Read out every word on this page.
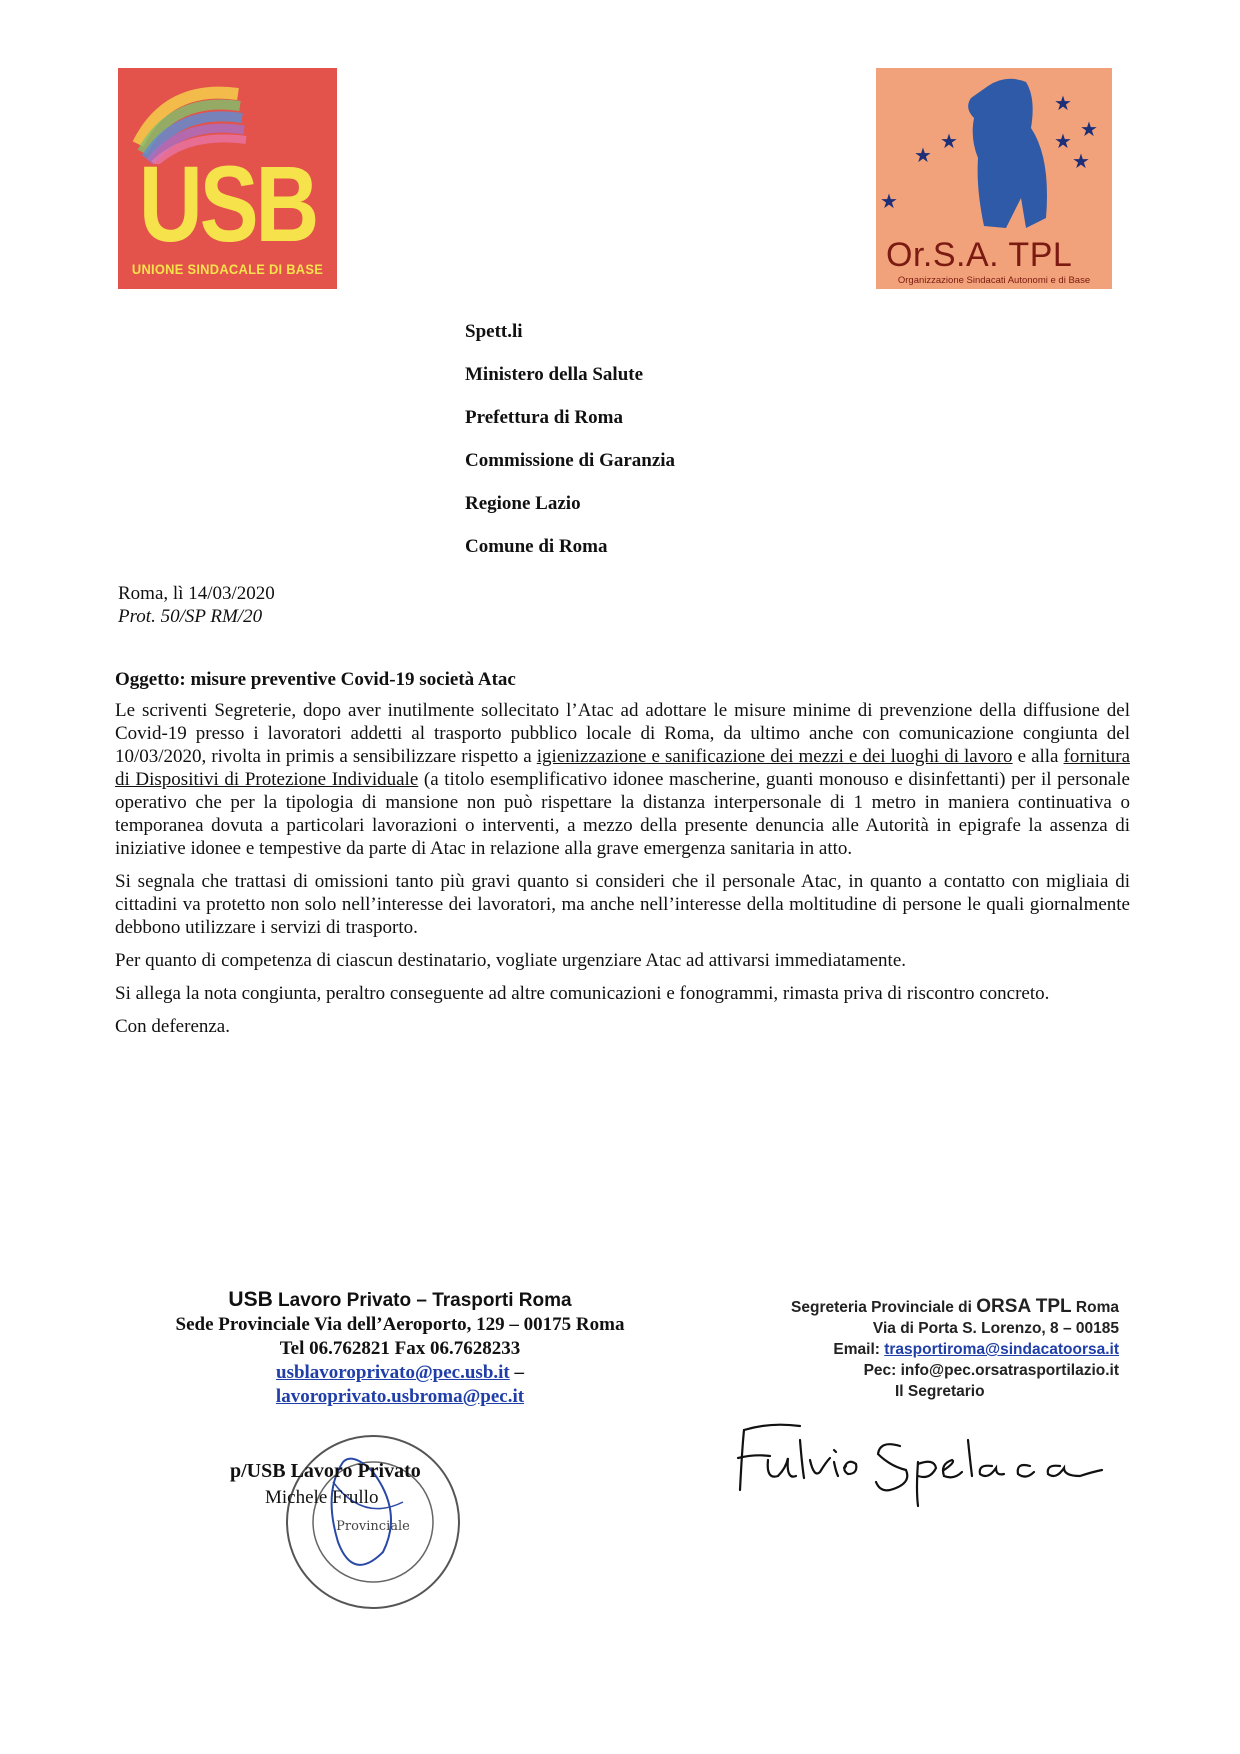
USB
UNIONE SINDACALE DI BASE
★
★
★
★
★
★
★
Or.S.A. TPL
Organizzazione Sindacati Autonomi e di Base
Spett.li
Ministero della Salute
Prefettura di Roma
Commissione di Garanzia
Regione Lazio
Comune di Roma
Roma, lì 14/03/2020
Prot. 50/SP RM/20
Oggetto: misure preventive Covid-19 società Atac

Le scriventi Segreterie, dopo aver inutilmente sollecitato l’Atac ad adottare le misure minime di prevenzione della diffusione del Covid-19 presso i lavoratori addetti al trasporto pubblico locale di Roma, da ultimo anche con comunicazione congiunta del 10/03/2020, rivolta in primis a sensibilizzare rispetto a igienizzazione e sanificazione dei mezzi e dei luoghi di lavoro e alla fornitura di Dispositivi di Protezione Individuale (a titolo esemplificativo idonee mascherine, guanti monouso e disinfettanti) per il personale operativo che per la tipologia di mansione non può rispettare la distanza interpersonale di 1 metro in maniera continuativa o temporanea dovuta a particolari lavorazioni o interventi, a mezzo della presente denuncia alle Autorità in epigrafe la assenza di iniziative idonee e tempestive da parte di Atac in relazione alla grave emergenza sanitaria in atto.

Si segnala che trattasi di omissioni tanto più gravi quanto si consideri che il personale Atac, in quanto a contatto con migliaia di cittadini va protetto non solo nell’interesse dei lavoratori, ma anche nell’interesse della moltitudine di persone le quali giornalmente debbono utilizzare i servizi di trasporto.

Per quanto di competenza di ciascun destinatario, vogliate urgenziare Atac ad attivarsi immediatamente.

Si allega la nota congiunta, peraltro conseguente ad altre comunicazioni e fonogrammi, rimasta priva di riscontro concreto.

Con deferenza.

USB Lavoro Privato – Trasporti Roma
Sede Provinciale Via dell’Aeroporto, 129 – 00175 Roma
Tel 06.762821 Fax 06.7628233
usblavoroprivato@pec.usb.it –
lavoroprivato.usbroma@pec.it
Provinciale
p/USB Lavoro Privato
Michele Frullo
Segreteria Provinciale di ORSA TPL Roma
Via di Porta S. Lorenzo, 8 – 00185
Email: trasportiroma@sindacatoorsa.it
Pec: info@pec.orsatrasportilazio.it
Il Segretario
